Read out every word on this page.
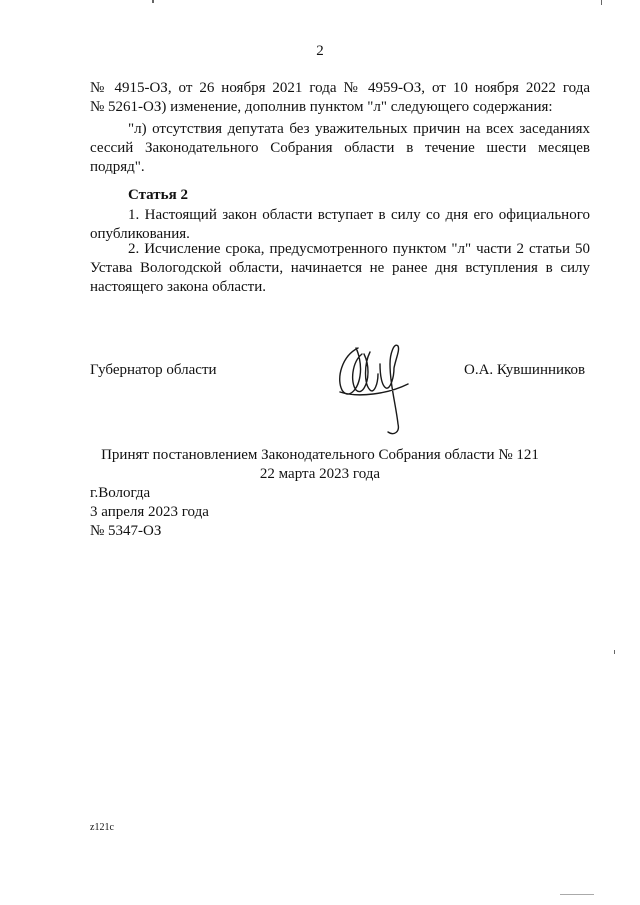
2

№ 4915-ОЗ, от 26 ноября 2021 года № 4959-ОЗ, от 10 ноября 2022 года

№ 5261-ОЗ) изменение, дополнив пунктом "л" следующего содержания:

"л) отсутствия депутата без уважительных причин на всех заседаниях сессий Законодательного Собрания области в течение шести месяцев подряд".

Статья 2

1. Настоящий закон области вступает в силу со дня его официального опубликования.

2. Исчисление срока, предусмотренного пунктом "л" части 2 статьи 50 Устава Вологодской области, начинается не ранее дня вступления в силу настоящего закона области.

Губернатор области	О.А. Кувшинников
Принят постановлением Законодательного Собрания области № 121
22 марта 2023 года
г.Вологда
3 апреля 2023 года
№ 5347-ОЗ
z121c
